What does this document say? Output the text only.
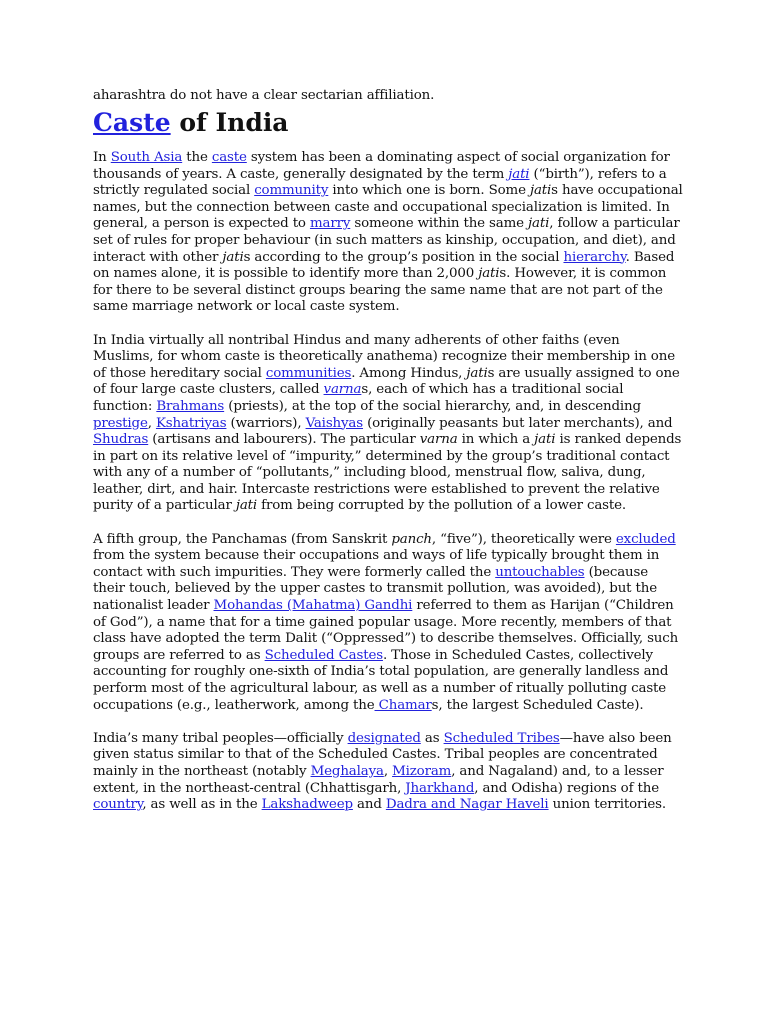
aharashtra do not have a clear sectarian affiliation.

Caste of India

In South Asia the caste system has been a dominating aspect of social organization for thousands of years. A caste, generally designated by the term jati (“birth”), refers to a strictly regulated social community into which one is born. Some jatis have occupational names, but the connection between caste and occupational specialization is limited. In general, a person is expected to marry someone within the same jati, follow a particular set of rules for proper behaviour (in such matters as kinship, occupation, and diet), and interact with other jatis according to the group’s position in the social hierarchy. Based on names alone, it is possible to identify more than 2,000 jatis. However, it is common for there to be several distinct groups bearing the same name that are not part of the same marriage network or local caste system.

In India virtually all nontribal Hindus and many adherents of other faiths (even Muslims, for whom caste is theoretically anathema) recognize their membership in one of those hereditary social communities. Among Hindus, jatis are usually assigned to one of four large caste clusters, called varnas, each of which has a traditional social function: Brahmans (priests), at the top of the social hierarchy, and, in descending prestige, Kshatriyas (warriors), Vaishyas (originally peasants but later merchants), and Shudras (artisans and labourers). The particular varna in which a jati is ranked depends in part on its relative level of “impurity,” determined by the group’s traditional contact with any of a number of “pollutants,” including blood, menstrual flow, saliva, dung, leather, dirt, and hair. Intercaste restrictions were established to prevent the relative purity of a particular jati from being corrupted by the pollution of a lower caste.

A fifth group, the Panchamas (from Sanskrit panch, “five”), theoretically were excluded from the system because their occupations and ways of life typically brought them in contact with such impurities. They were formerly called the untouchables (because their touch, believed by the upper castes to transmit pollution, was avoided), but the nationalist leader Mohandas (Mahatma) Gandhi referred to them as Harijan (“Children of God”), a name that for a time gained popular usage. More recently, members of that class have adopted the term Dalit (“Oppressed”) to describe themselves. Officially, such groups are referred to as Scheduled Castes. Those in Scheduled Castes, collectively accounting for roughly one-sixth of India’s total population, are generally landless and perform most of the agricultural labour, as well as a number of ritually polluting caste occupations (e.g., leatherwork, among the Chamars, the largest Scheduled Caste).

India’s many tribal peoples—officially designated as Scheduled Tribes—have also been given status similar to that of the Scheduled Castes. Tribal peoples are concentrated mainly in the northeast (notably Meghalaya, Mizoram, and Nagaland) and, to a lesser extent, in the northeast-central (Chhattisgarh, Jharkhand, and Odisha) regions of the country, as well as in the Lakshadweep and Dadra and Nagar Haveli union territories.
